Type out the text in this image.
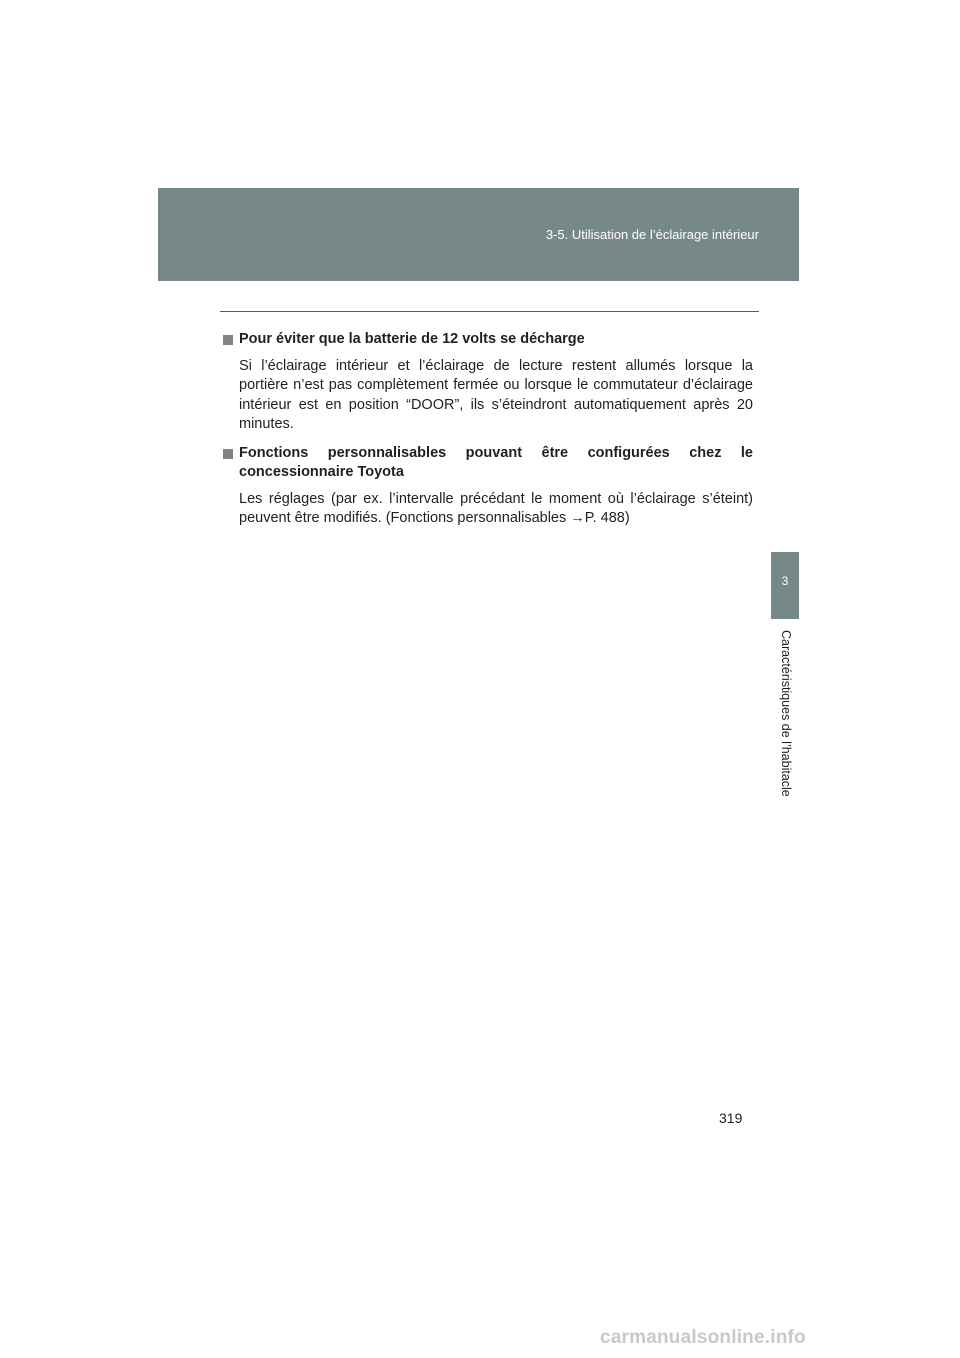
3-5. Utilisation de l’éclairage intérieur
3
Caractéristiques de l’habitacle
Pour éviter que la batterie de 12 volts se décharge
Si l’éclairage intérieur et l’éclairage de lecture restent allumés lorsque la portière n’est pas complètement fermée ou lorsque le commutateur d’éclairage intérieur est en position “DOOR”, ils s’éteindront automatiquement après 20 minutes.
Fonctions personnalisables pouvant être configurées chez le concessionnaire Toyota
Les réglages (par ex. l’intervalle précédant le moment où l’éclairage s’éteint) peuvent être modifiés. (Fonctions personnalisables →P. 488)
319
carmanualsonline.info
